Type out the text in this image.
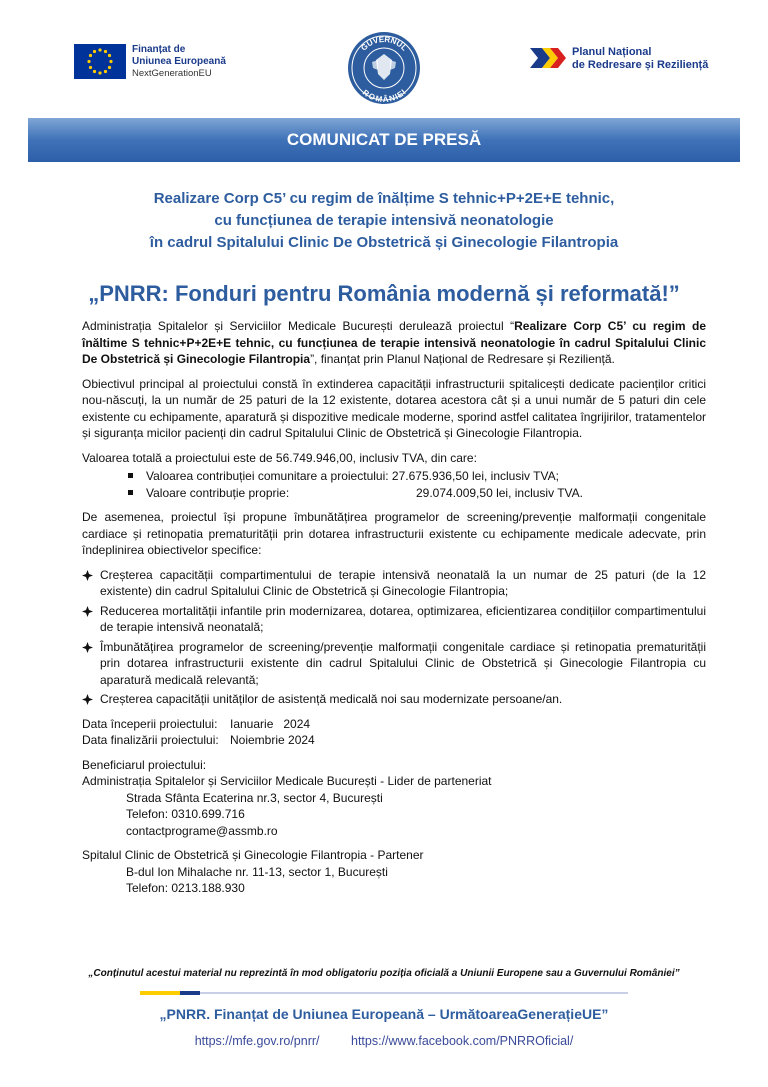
Finanțat de
Uniunea Europeană
NextGenerationEU
GUVERNUL
ROMÂNIEI
Planul Național
de Redresare și Reziliență
COMUNICAT DE PRESĂ
Realizare Corp C5’ cu regim de înălțime S tehnic+P+2E+E tehnic,
cu funcțiunea de terapie intensivă neonatologie
în cadrul Spitalului Clinic De Obstetrică și Ginecologie Filantropia
„PNRR: Fonduri pentru România modernă și reformată!”

Administrația Spitalelor și Serviciilor Medicale București derulează proiectul “Realizare Corp C5’ cu regim de înăltime S tehnic+P+2E+E tehnic, cu funcțiunea de terapie intensivă neonatologie în cadrul Spitalului Clinic De Obstetrică și Ginecologie Filantropia”, finanțat prin Planul Național de Redresare și Reziliență.

Obiectivul principal al proiectului constă în extinderea capacității infrastructurii spitalicești dedicate pacienților critici nou-născuți, la un număr de 25 paturi de la 12 existente, dotarea acestora cât și a unui număr de 5 paturi din cele existente cu echipamente, aparatură și dispozitive medicale moderne, sporind astfel calitatea îngrijirilor, tratamentelor și siguranța micilor pacienți din cadrul Spitalului Clinic de Obstetrică și Ginecologie Filantropia.

Valoarea totală a proiectului este de 56.749.946,00, inclusiv TVA, din care:

Valoarea contribuției comunitare a proiectului: 27.675.936,50 lei, inclusiv TVA;
Valoare contribuție proprie:	29.074.009,50 lei, inclusiv TVA.

De asemenea, proiectul își propune îmbunătățirea programelor de screening/prevenție malformații congenitale cardiace și retinopatia prematurității prin dotarea infrastructurii existente cu echipamente medicale adecvate, prin îndeplinirea obiectivelor specifice:

Creșterea capacității compartimentului de terapie intensivă neonatală la un numar de 25 paturi (de la 12 existente) din cadrul Spitalului Clinic de Obstetrică și Ginecologie Filantropia;
Reducerea mortalității infantile prin modernizarea, dotarea, optimizarea, eficientizarea condițiilor compartimentului de terapie intensivă neonatală;
Îmbunătățirea programelor de screening/prevenție malformații congenitale cardiace și retinopatia prematurității prin dotarea infrastructurii existente din cadrul Spitalului Clinic de Obstetrică și Ginecologie Filantropia cu aparatură medicală relevantă;
Creșterea capacității unităților de asistență medicală noi sau modernizate persoane/an.
Data începerii proiectului: Ianuarie   2024
Data finalizării proiectului: Noiembrie 2024
Beneficiarul proiectului:
Administrația Spitalelor și Serviciilor Medicale București - Lider de parteneriat
Strada Sfânta Ecaterina nr.3, sector 4, București
Telefon: 0310.699.716
contactprograme@assmb.ro
Spitalul Clinic de Obstetrică și Ginecologie Filantropia - Partener
B-dul Ion Mihalache nr. 11-13, sector 1, București
Telefon: 0213.188.930
„Conținutul acestui material nu reprezintă în mod obligatoriu poziția oficială a Uniunii Europene sau a Guvernului României”
„PNRR. Finanțat de Uniunea Europeană – UrmătoareaGenerațieUE”
https://mfe.gov.ro/pnrr/	https://www.facebook.com/PNRROficial/
